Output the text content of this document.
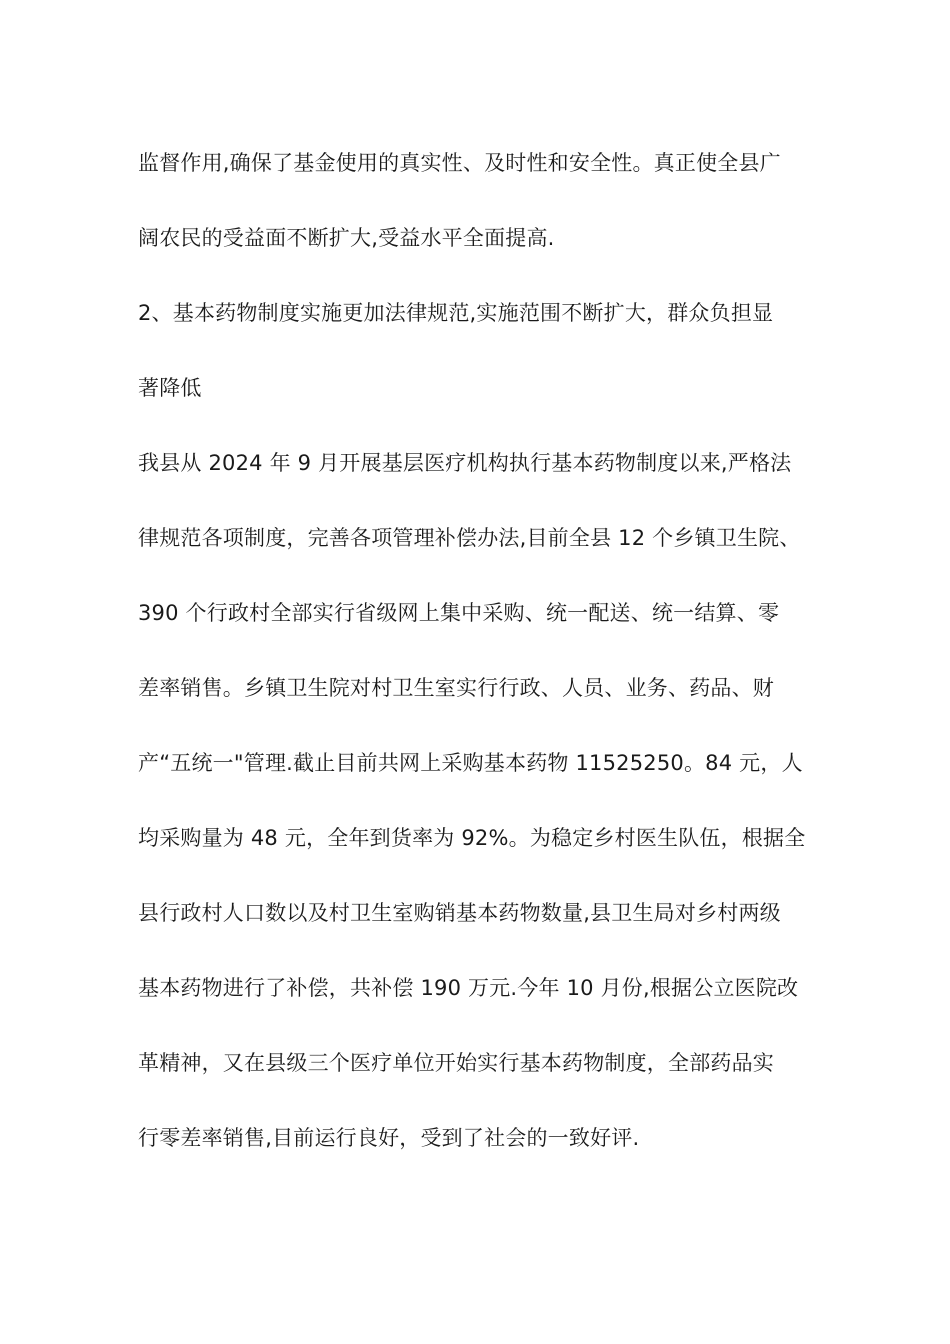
监督作用,确保了基金使用的真实性、及时性和安全性。真正使全县广
阔农民的受益面不断扩大,受益水平全面提高.
2、基本药物制度实施更加法律规范,实施范围不断扩大，群众负担显
著降低
我县从 2024 年 9 月开展基层医疗机构执行基本药物制度以来,严格法
律规范各项制度，完善各项管理补偿办法,目前全县 12 个乡镇卫生院、
390 个行政村全部实行省级网上集中采购、统一配送、统一结算、零
差率销售。乡镇卫生院对村卫生室实行行政、人员、业务、药品、财
产“五统一"管理.截止目前共网上采购基本药物 11525250。84 元，人
均采购量为 48 元，全年到货率为 92%。为稳定乡村医生队伍，根据全
县行政村人口数以及村卫生室购销基本药物数量,县卫生局对乡村两级
基本药物进行了补偿，共补偿 190 万元.今年 10 月份,根据公立医院改
革精神，又在县级三个医疗单位开始实行基本药物制度，全部药品实
行零差率销售,目前运行良好，受到了社会的一致好评.
